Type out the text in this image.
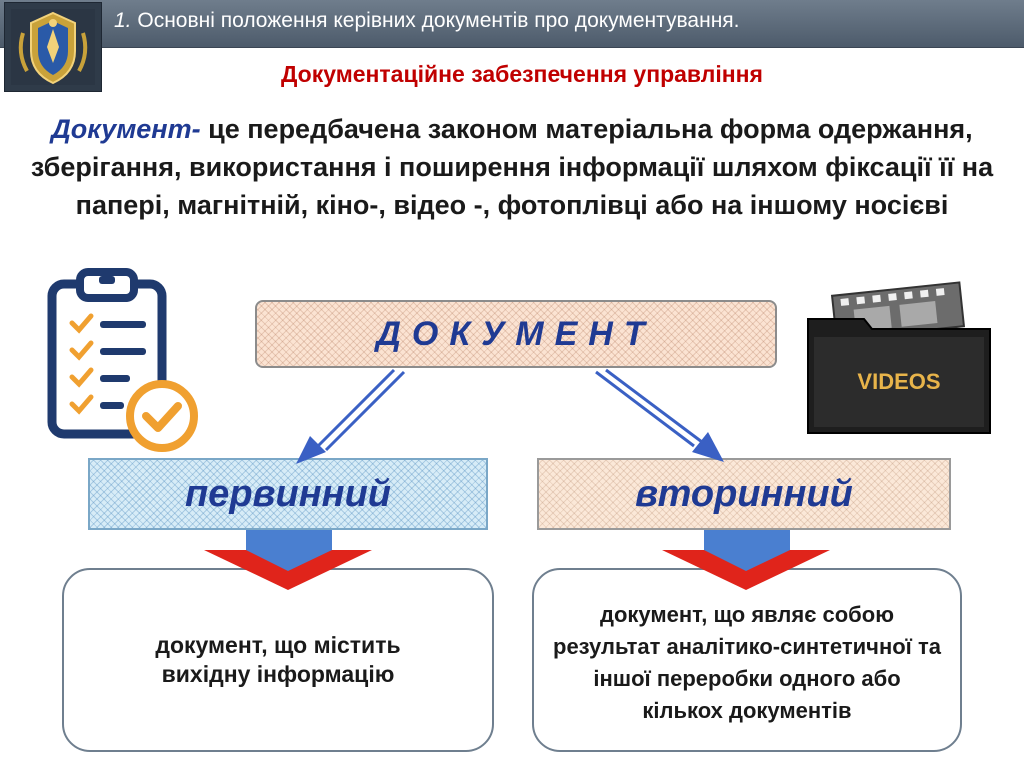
1. Основні положення керівних документів про документування.
Документаційне забезпечення управління
Документ- це передбачена законом матеріальна форма одержання, зберігання, використання і поширення інформації шляхом фіксації її на папері, магнітній, кіно-, відео -, фотоплівці або на іншому носієві
VIDEOS
ДОКУМЕНТ
первинний	вторинний
документ, що містить вихідну інформацію
документ, що являє собою результат аналітико-синтетичної та іншої переробки одного або кількох документів
